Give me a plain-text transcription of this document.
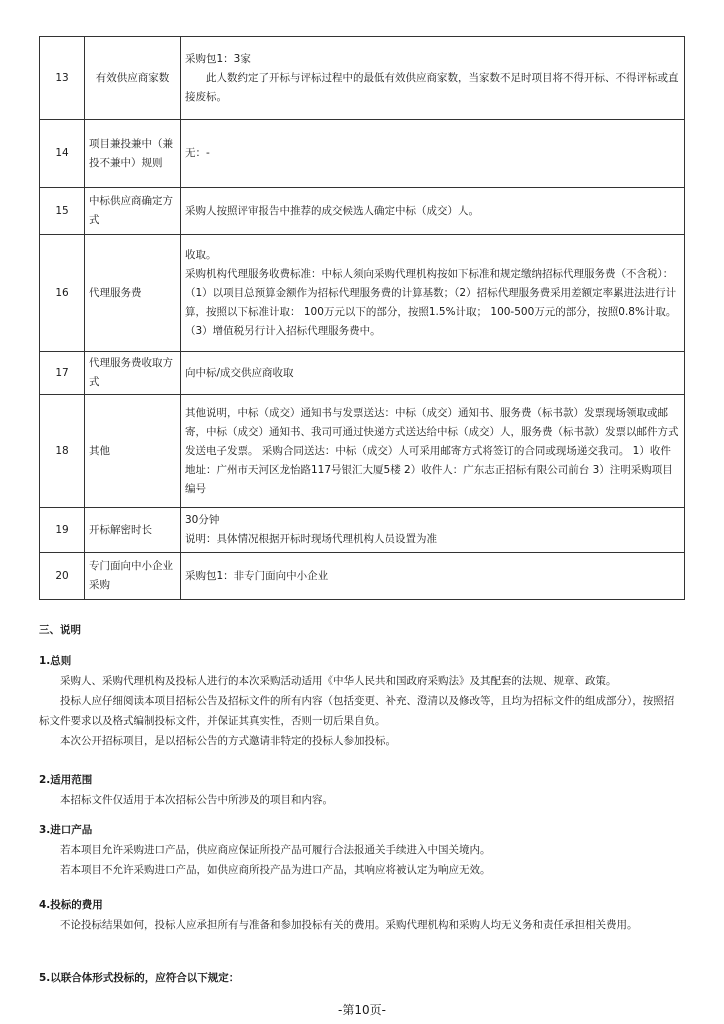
13	有效供应商家数	采购包1：3家
此人数约定了开标与评标过程中的最低有效供应商家数，当家数不足时项目将不得开标、不得评标或直接废标。

14	项目兼投兼中（兼投不兼中）规则	无：-
15	中标供应商确定方式	采购人按照评审报告中推荐的成交候选人确定中标（成交）人。
16	代理服务费	收取。
采购机构代理服务收费标准：中标人须向采购代理机构按如下标准和规定缴纳招标代理服务费（不含税）：（1）以项目总预算金额作为招标代理服务费的计算基数；（2）招标代理服务费采用差额定率累进法进行计算，按照以下标准计取： 100万元以下的部分，按照1.5%计取； 100-500万元的部分，按照0.8%计取。（3）增值税另行计入招标代理服务费中。

17	代理服务费收取方式	向中标/成交供应商收取
18	其他	其他说明，中标（成交）通知书与发票送达：中标（成交）通知书、服务费（标书款）发票现场领取或邮寄，中标（成交）通知书、我司可通过快递方式送达给中标（成交）人，服务费（标书款）发票以邮件方式发送电子发票。 采购合同送达：中标（成交）人可采用邮寄方式将签订的合同或现场递交我司。 1）收件地址：广州市天河区龙怡路117号银汇大厦5楼 2）收件人：广东志正招标有限公司前台 3）注明采购项目编号
19	开标解密时长	30分钟
说明：具体情况根据开标时现场代理机构人员设置为准

20	专门面向中小企业采购	采购包1：非专门面向中小企业
三、说明
1.总则
采购人、采购代理机构及投标人进行的本次采购活动适用《中华人民共和国政府采购法》及其配套的法规、规章、政策。
投标人应仔细阅读本项目招标公告及招标文件的所有内容（包括变更、补充、澄清以及修改等，且均为招标文件的组成部分），按照招标文件要求以及格式编制投标文件，并保证其真实性，否则一切后果自负。
本次公开招标项目，是以招标公告的方式邀请非特定的投标人参加投标。
2.适用范围
本招标文件仅适用于本次招标公告中所涉及的项目和内容。
3.进口产品
若本项目允许采购进口产品，供应商应保证所投产品可履行合法报通关手续进入中国关境内。
若本项目不允许采购进口产品，如供应商所投产品为进口产品，其响应将被认定为响应无效。
4.投标的费用
不论投标结果如何，投标人应承担所有与准备和参加投标有关的费用。采购代理机构和采购人均无义务和责任承担相关费用。
5.以联合体形式投标的，应符合以下规定：
-第10页-
